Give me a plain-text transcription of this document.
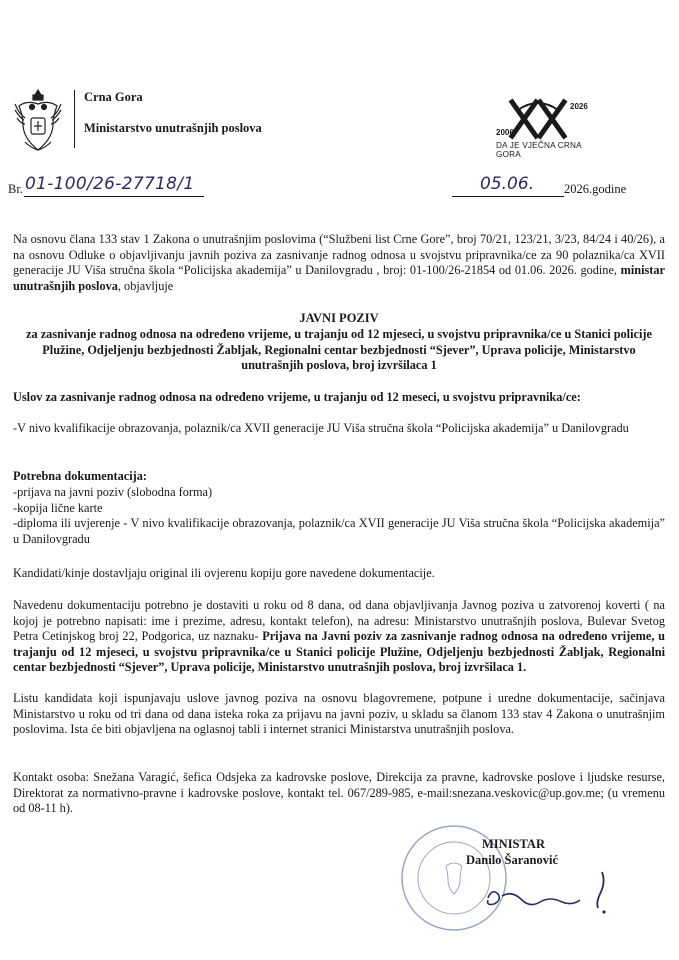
Crna Gora
Ministarstvo unutrašnjih poslova	2006
2026
DA JE VJEČNA CRNA GORA
Br. 01-100/26-27718/1	05.06. 2026.godine

Na osnovu člana 133 stav 1 Zakona o unutrašnjim poslovima (“Službeni list Crne Gore”, broj 70/21, 123/21, 3/23, 84/24 i 40/26), a na osnovu Odluke o objavljivanju javnih poziva za zasnivanje radnog odnosa u svojstvu pripravnika/ce za 90 polaznika/ca XVII generacije JU Viša stručna škola “Policijska akademija” u Danilovgradu , broj: 01-100/26-21854 od 01.06. 2026. godine, ministar unutrašnjih poslova, objavljuje

JAVNI POZIV
za zasnivanje radnog odnosa na određeno vrijeme, u trajanju od 12 mjeseci, u svojstvu pripravnika/ce u Stanici policije Plužine, Odjeljenju bezbjednosti Žabljak, Regionalni centar bezbjednosti “Sjever”, Uprava policije, Ministarstvo unutrašnjih poslova, broj izvršilaca 1

Uslov za zasnivanje radnog odnosa na određeno vrijeme, u trajanju od 12 meseci, u svojstvu pripravnika/ce:

-V nivo kvalifikacije obrazovanja, polaznik/ca XVII generacije JU Viša stručna škola “Policijska akademija” u Danilovgradu

Potrebna dokumentacija:

-prijava na javni poziv (slobodna forma)
-kopija lične karte
-diploma ili uvjerenje - V nivo kvalifikacije obrazovanja, polaznik/ca XVII generacije JU Viša stručna škola “Policijska akademija” u Danilovgradu

Kandidati/kinje dostavljaju original ili ovjerenu kopiju gore navedene dokumentacije.

Navedenu dokumentaciju potrebno je dostaviti u roku od 8 dana, od dana objavljivanja Javnog poziva u zatvorenoj koverti ( na kojoj je potrebno napisati: ime i prezime, adresu, kontakt telefon), na adresu: Ministarstvo unutrašnjih poslova, Bulevar Svetog Petra Cetinjskog broj 22, Podgorica, uz naznaku- Prijava na Javni poziv za zasnivanje radnog odnosa na određeno vrijeme, u trajanju od 12 mjeseci, u svojstvu pripravnika/ce u Stanici policije Plužine, Odjeljenju bezbjednosti Žabljak, Regionalni centar bezbjednosti “Sjever”, Uprava policije, Ministarstvo unutrašnjih poslova, broj izvršilaca 1.

Listu kandidata koji ispunjavaju uslove javnog poziva na osnovu blagovremene, potpune i uredne dokumentacije, sačinjava Ministarstvo u roku od tri dana od dana isteka roka za prijavu na javni poziv, u skladu sa članom 133 stav 4 Zakona o unutrašnjim poslovima. Ista će biti objavljena na oglasnoj tabli i internet stranici Ministarstva unutrašnjih poslova.

Kontakt osoba: Snežana Varagić, šefica Odsjeka za kadrovske poslove, Direkcija za pravne, kadrovske poslove i ljudske resurse, Direktorat za normativno-pravne i kadrovske poslove, kontakt tel. 067/289-985, e-mail:snezana.veskovic@up.gov.me; (u vremenu od 08-11 h).

MINISTAR
Danilo Šaranović
